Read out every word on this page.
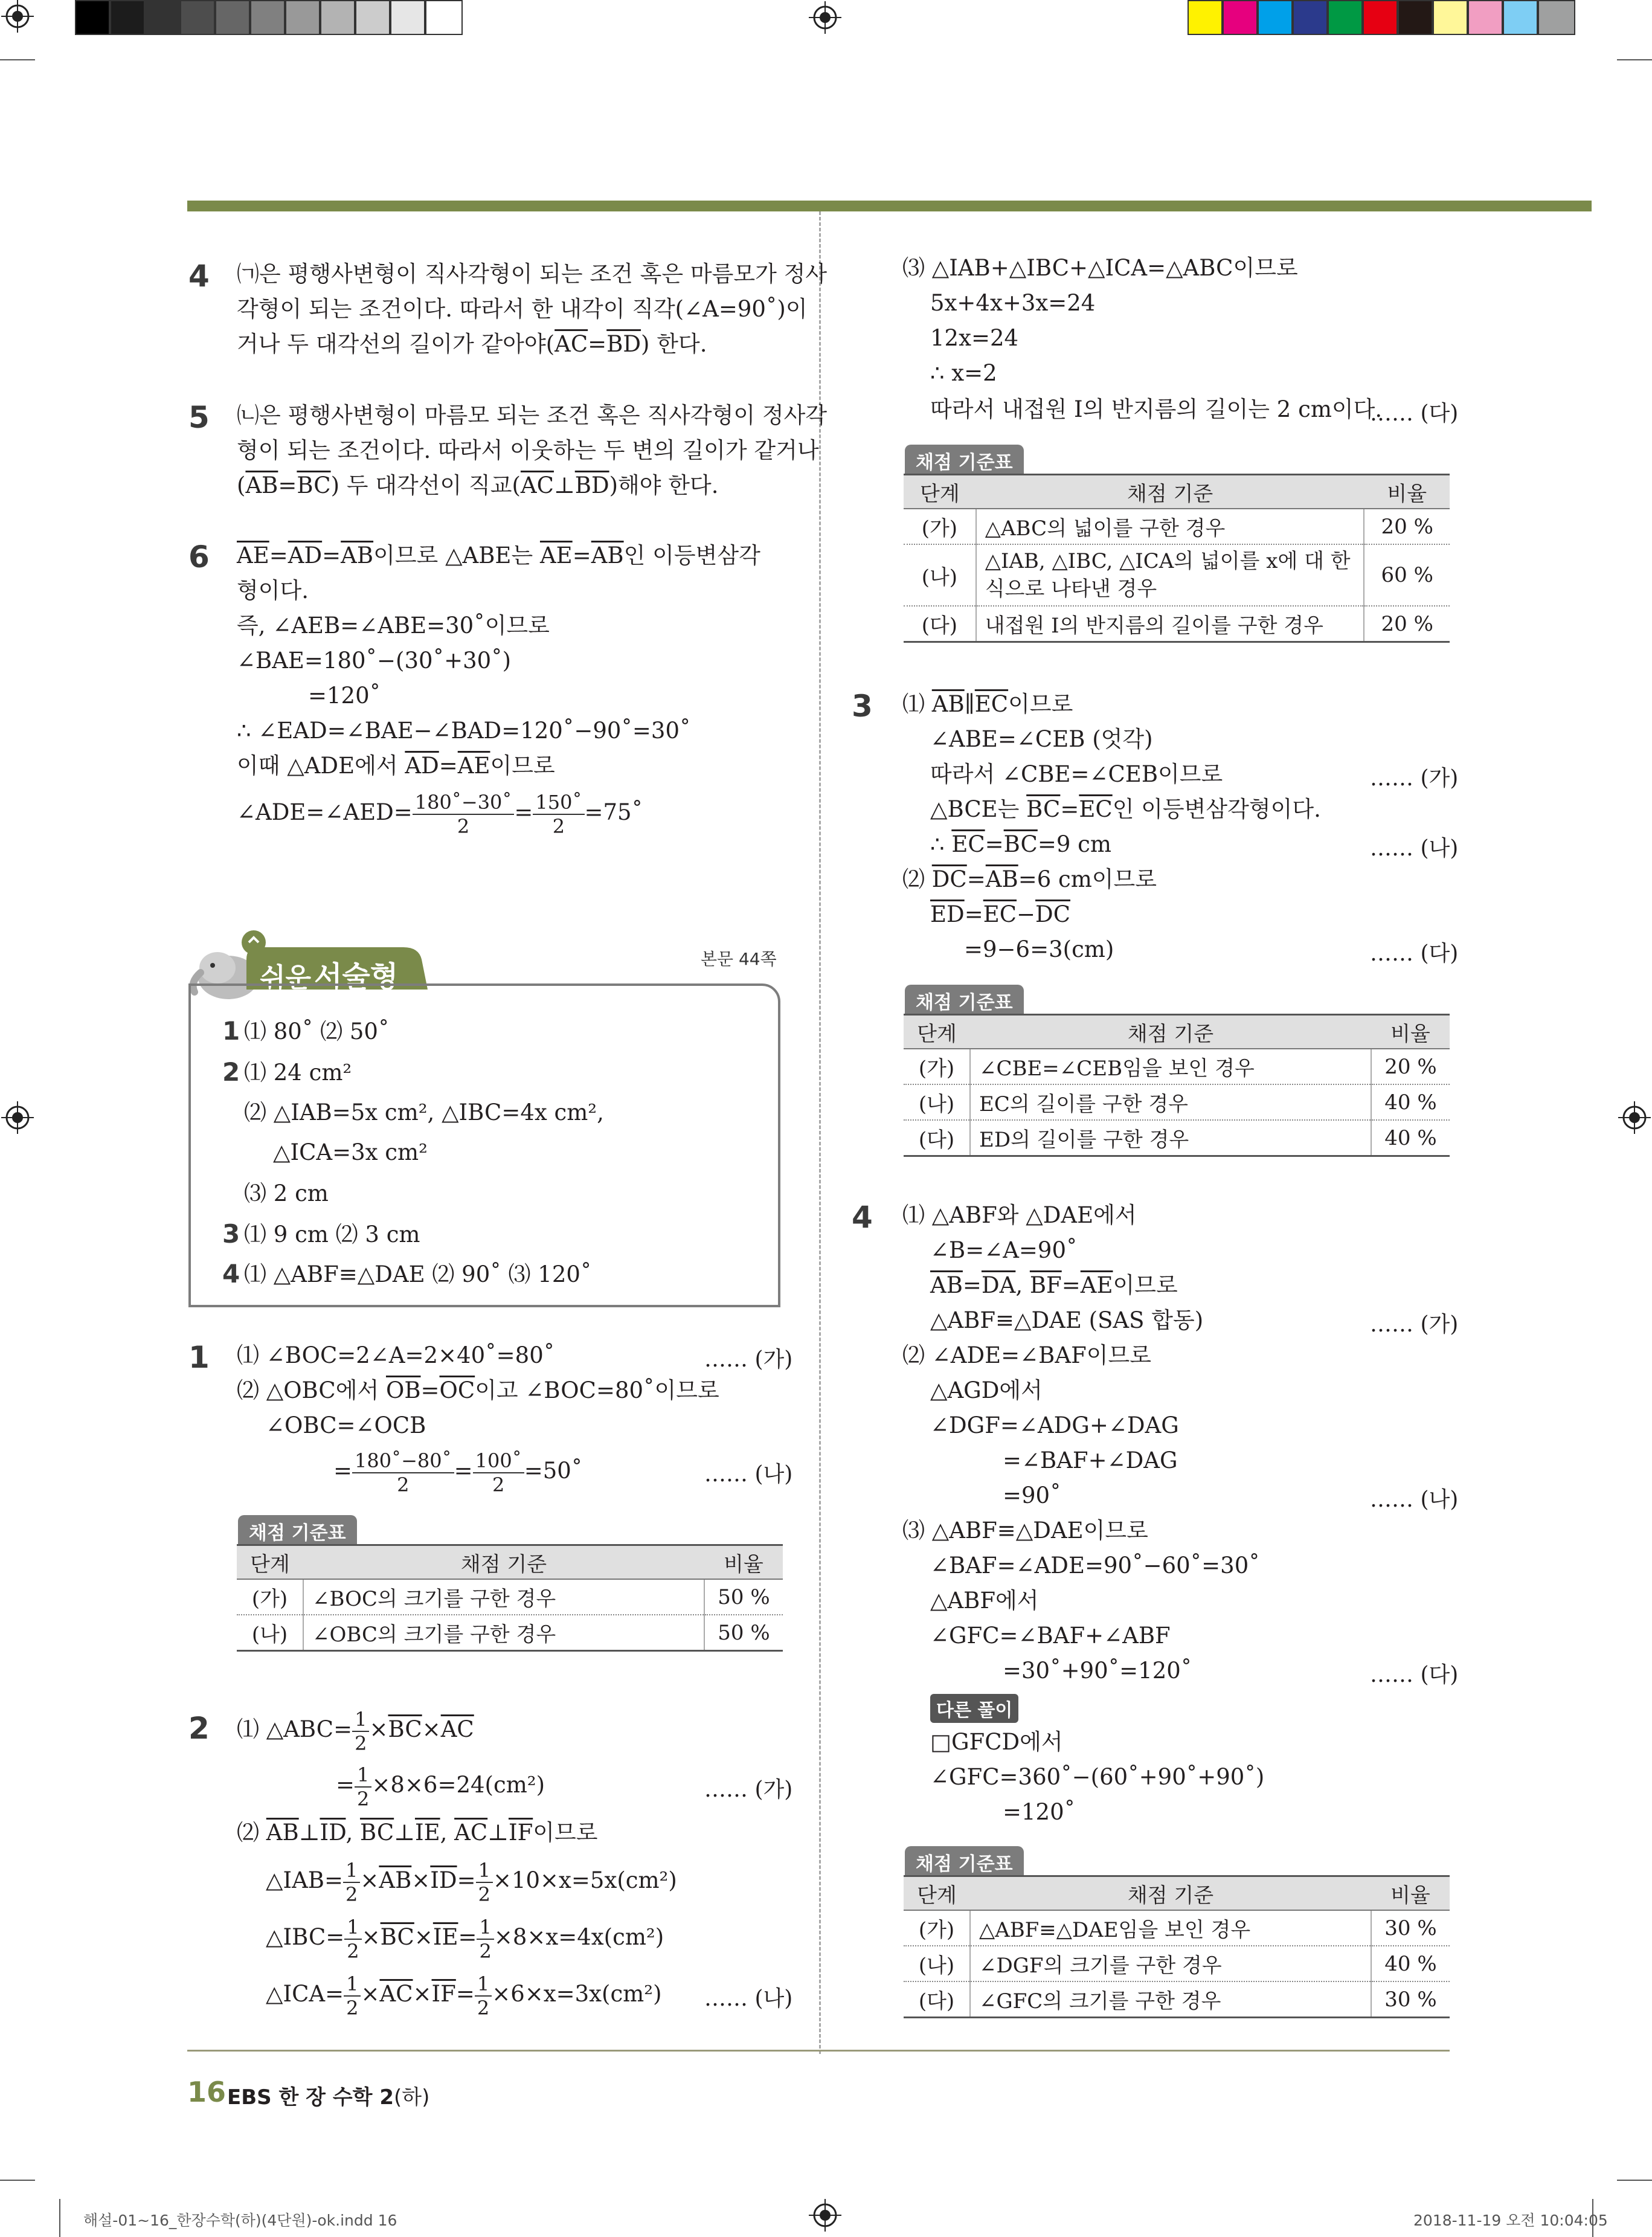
4 ㈀은 평행사변형이 직사각형이 되는 조건 혹은 마름모가 정사
각형이 되는 조건이다. 따라서 한 내각이 직각(∠A=90˚)이
거나 두 대각선의 길이가 같아야$(\overline{AC}=\overline{BD})$ 한다.
5 ㈁은 평행사변형이 마름모 되는 조건 혹은 직사각형이 정사각
형이 되는 조건이다. 따라서 이웃하는 두 변의 길이가 같거나
$(\overline{AB}=\overline{BC})$ 두 대각선이 직교$(\overline{AC}\perp\overline{BD})$해야 한다.
6 $\overline{AE}=\overline{AD}=\overline{AB}$이므로 △ABE는 $\overline{AE}=\overline{AB}$인 이등변삼각
형이다.
즉, ∠AEB=∠ABE=30˚이므로
∠BAE=180˚−(30˚+30˚)
=120˚
∴ ∠EAD=∠BAE−∠BAD=120˚−90˚=30˚
이때 △ADE에서 $\overline{AD}=\overline{AE}$이므로
∠ADE=∠AED= $\frac{180˚-30˚}{2} = \frac{150˚}{2}$ =75˚
쉬운 서술형
본문 44쪽
1 ⑴ 80˚ ⑵ 50˚
2 ⑴ 24 cm²
⑵ △IAB=5x cm², △IBC=4x cm²,
△ICA=3x cm²
⑶ 2 cm
3 ⑴ 9 cm ⑵ 3 cm
4 ⑴ △ABF≡△DAE ⑵ 90˚ ⑶ 120˚
1 ⑴ ∠BOC=2∠A=2×40˚=80˚	…… (가)
⑵ △OBC에서 $\overline{OB}=\overline{OC}$이고 ∠BOC=80˚이므로
∠OBC=∠OCB
= $\frac{180˚-80˚}{2} = \frac{100˚}{2}$ =50˚	…… (나)
채점 기준표
단계	채점 기준	비율
(가)	∠BOC의 크기를 구한 경우	50 %
(나)	∠OBC의 크기를 구한 경우	50 %
2 ⑴ △ABC= $\frac{1}{2} \times\overline{BC}\times\overline{AC}$
= $\frac{1}{2} \times 8\times 6=24(cm^2)$	…… (가)
⑵ $\overline{AB}\perp\overline{ID}$, $\overline{BC}\perp\overline{IE}$, $\overline{AC}\perp\overline{IF}$이므로
△IAB= $\frac{1}{2} \times\overline{AB}\times\overline{ID}= \frac{1}{2} \times 10\times x=5x(cm^2)$
△IBC= $\frac{1}{2} \times\overline{BC}\times\overline{IE}= \frac{1}{2} \times 8\times x=4x(cm^2)$
△ICA= $\frac{1}{2} \times\overline{AC}\times\overline{IF}= \frac{1}{2} \times 6\times x=3x(cm^2)$ …… (나)
⑶ △IAB+△IBC+△ICA=△ABC이므로
5x+4x+3x=24
12x=24
∴ x=2
따라서 내접원 I의 반지름의 길이는 2 cm이다.
…… (다)
채점 기준표
단계	채점 기준	비율
(가)	△ABC의 넓이를 구한 경우	20 %
(나)	△IAB, △IBC, △ICA의 넓이를 x에 대 한 식으로 나타낸 경우	60 %
(다)	내접원 I의 반지름의 길이를 구한 경우	20 %
3 ⑴ $\overline{AB}\parallel\overline{EC}$이므로
∠ABE=∠CEB (엇각)
따라서 ∠CBE=∠CEB이므로	…… (가)
△BCE는 $\overline{BC}=\overline{EC}$인 이등변삼각형이다.
∴ $\overline{EC}=\overline{BC}=9$ cm	…… (나)
⑵ $\overline{DC}=\overline{AB}=6$ cm이므로
$\overline{ED}=\overline{EC}-\overline{DC}$
=9−6=3(cm)	…… (다)
채점 기준표
단계	채점 기준	비율
(가)	∠CBE=∠CEB임을 보인 경우	20 %
(나)	EC의 길이를 구한 경우	40 %
(다)	ED의 길이를 구한 경우	40 %
4 ⑴ △ABF와 △DAE에서
∠B=∠A=90˚
$\overline{AB}=\overline{DA}$, $\overline{BF}=\overline{AE}$이므로
△ABF≡△DAE (SAS 합동)	…… (가)
⑵ ∠ADE=∠BAF이므로
△AGD에서
∠DGF=∠ADG+∠DAG
=∠BAF+∠DAG
=90˚	…… (나)
⑶ △ABF≡△DAE이므로
∠BAF=∠ADE=90˚−60˚=30˚
△ABF에서
∠GFC=∠BAF+∠ABF
=30˚+90˚=120˚	…… (다)
다른 풀이
□GFCD에서
∠GFC=360˚−(60˚+90˚+90˚)
=120˚
채점 기준표
단계	채점 기준	비율
(가)	△ABF≡△DAE임을 보인 경우	30 %
(나)	∠DGF의 크기를 구한 경우	40 %
(다)	∠GFC의 크기를 구한 경우	30 %
16 EBS 한 장 수학 2(하)
해설-01~16_한장수학(하)(4단원)-ok.indd 16	2018-11-19 오전 10:04:05
